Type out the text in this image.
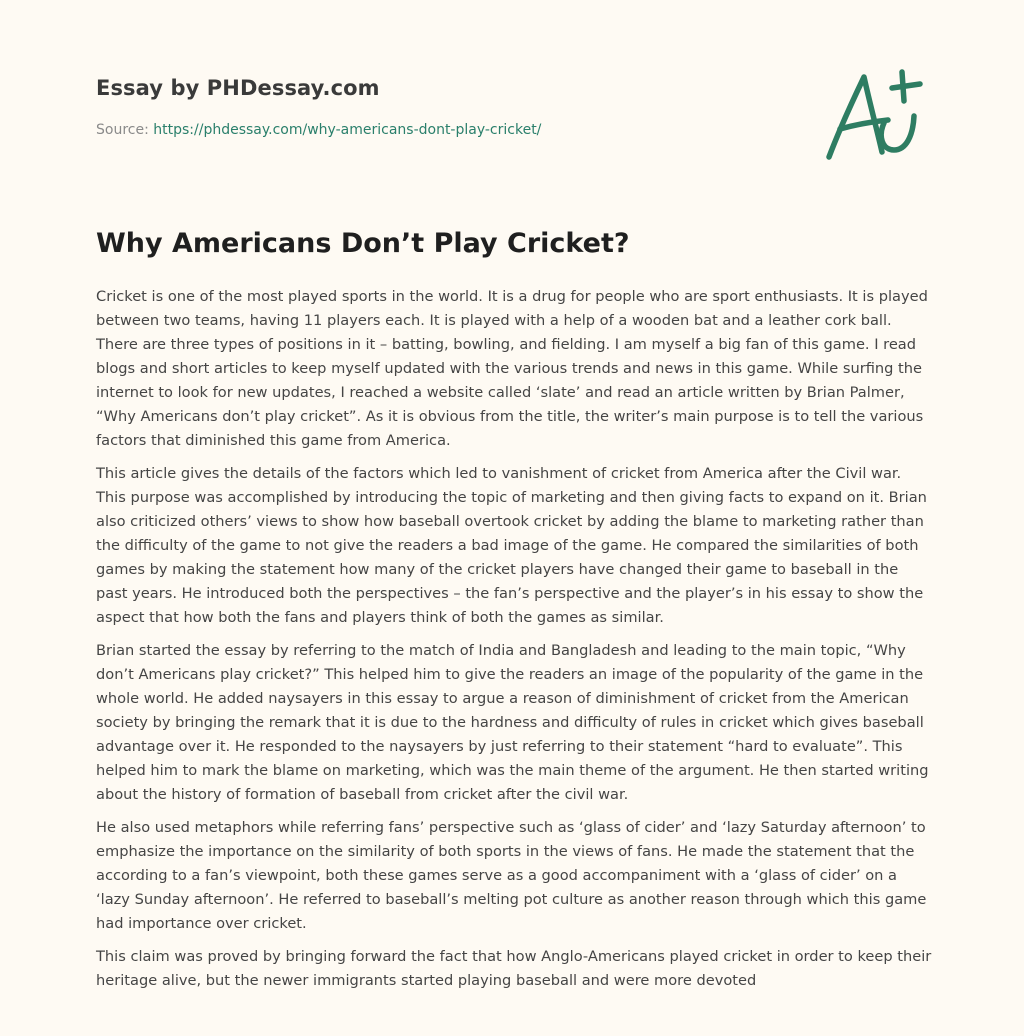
Essay by PHDessay.com
Source: https://phdessay.com/why-americans-dont-play-cricket/
Why Americans Don’t Play Cricket?

Cricket is one of the most played sports in the world. It is a drug for people who are sport enthusiasts. It is played between two teams, having 11 players each. It is played with a help of a wooden bat and a leather cork ball. There are three types of positions in it – batting, bowling, and fielding. I am myself a big fan of this game. I read blogs and short articles to keep myself updated with the various trends and news in this game. While surfing the internet to look for new updates, I reached a website called ‘slate’ and read an article written by Brian Palmer, “Why Americans don’t play cricket”. As it is obvious from the title, the writer’s main purpose is to tell the various factors that diminished this game from America.

This article gives the details of the factors which led to vanishment of cricket from America after the Civil war. This purpose was accomplished by introducing the topic of marketing and then giving facts to expand on it. Brian also criticized others’ views to show how baseball overtook cricket by adding the blame to marketing rather than the difficulty of the game to not give the readers a bad image of the game. He compared the similarities of both games by making the statement how many of the cricket players have changed their game to baseball in the past years. He introduced both the perspectives – the fan’s perspective and the player’s in his essay to show the aspect that how both the fans and players think of both the games as similar.

Brian started the essay by referring to the match of India and Bangladesh and leading to the main topic, “Why don’t Americans play cricket?” This helped him to give the readers an image of the popularity of the game in the whole world. He added naysayers in this essay to argue a reason of diminishment of cricket from the American society by bringing the remark that it is due to the hardness and difficulty of rules in cricket which gives baseball advantage over it. He responded to the naysayers by just referring to their statement “hard to evaluate”. This helped him to mark the blame on marketing, which was the main theme of the argument. He then started writing about the history of formation of baseball from cricket after the civil war.

He also used metaphors while referring fans’ perspective such as ‘glass of cider’ and ‘lazy Saturday afternoon’ to emphasize the importance on the similarity of both sports in the views of fans. He made the statement that the according to a fan’s viewpoint, both these games serve as a good accompaniment with a ‘glass of cider’ on a ‘lazy Sunday afternoon’. He referred to baseball’s melting pot culture as another reason through which this game had importance over cricket.

This claim was proved by bringing forward the fact that how Anglo-Americans played cricket in order to keep their heritage alive, but the newer immigrants started playing baseball and were more devoted
